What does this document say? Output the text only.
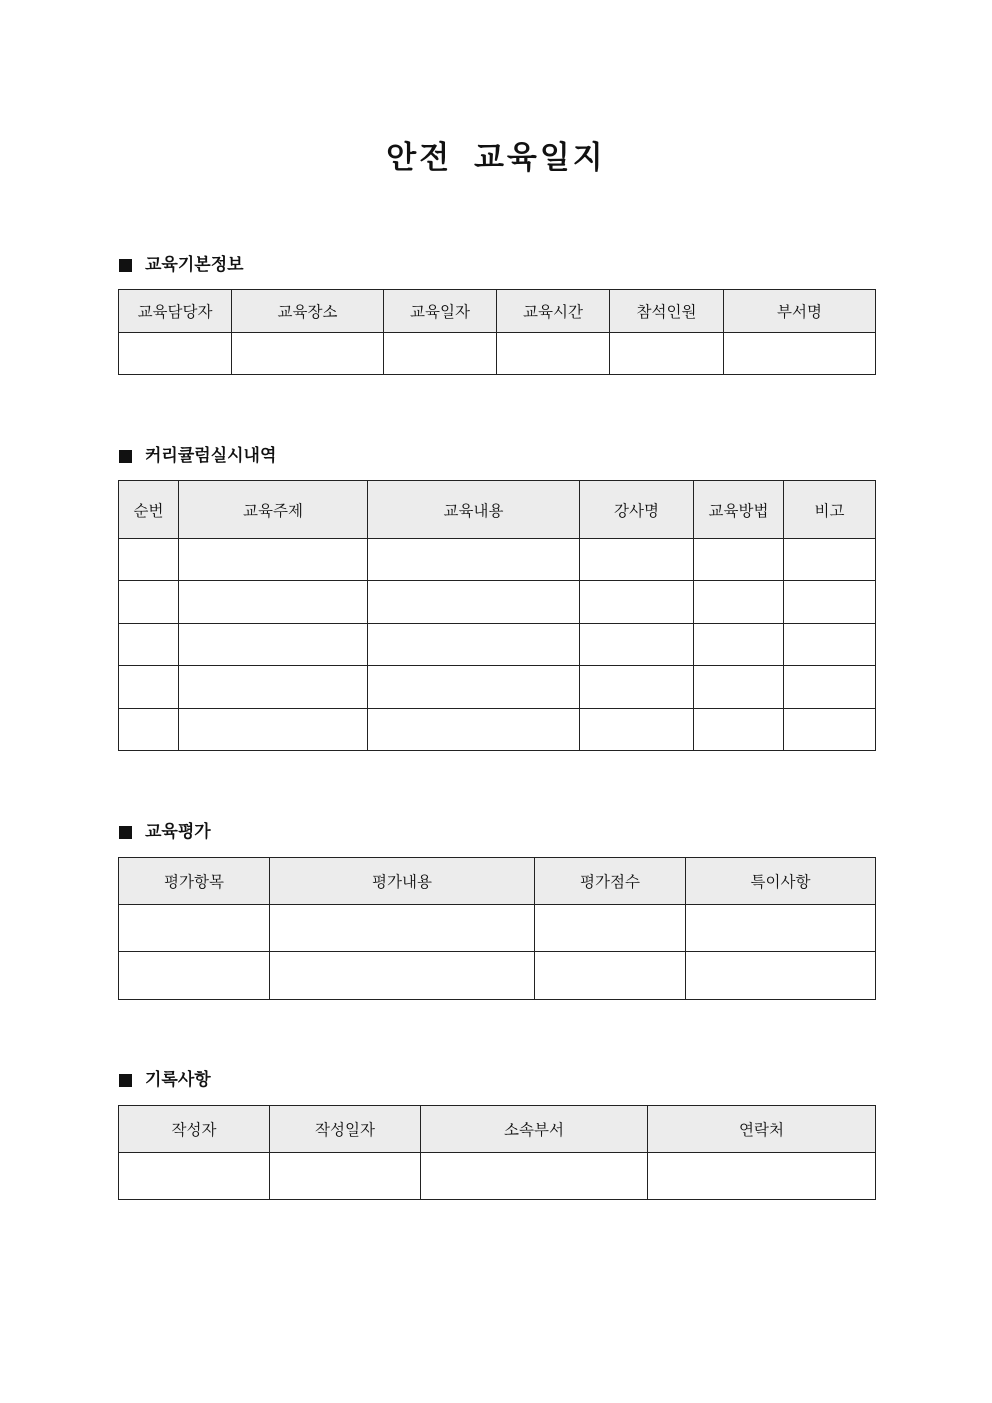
안전 교육일지
교육기본정보
교육담당자	교육장소	교육일자	교육시간	참석인원	부서명

커리큘럼실시내역
순번	교육주제	교육내용	강사명	교육방법	비고

교육평가
평가항목	평가내용	평가점수	특이사항

기록사항
작성자	작성일자	소속부서	연락처
